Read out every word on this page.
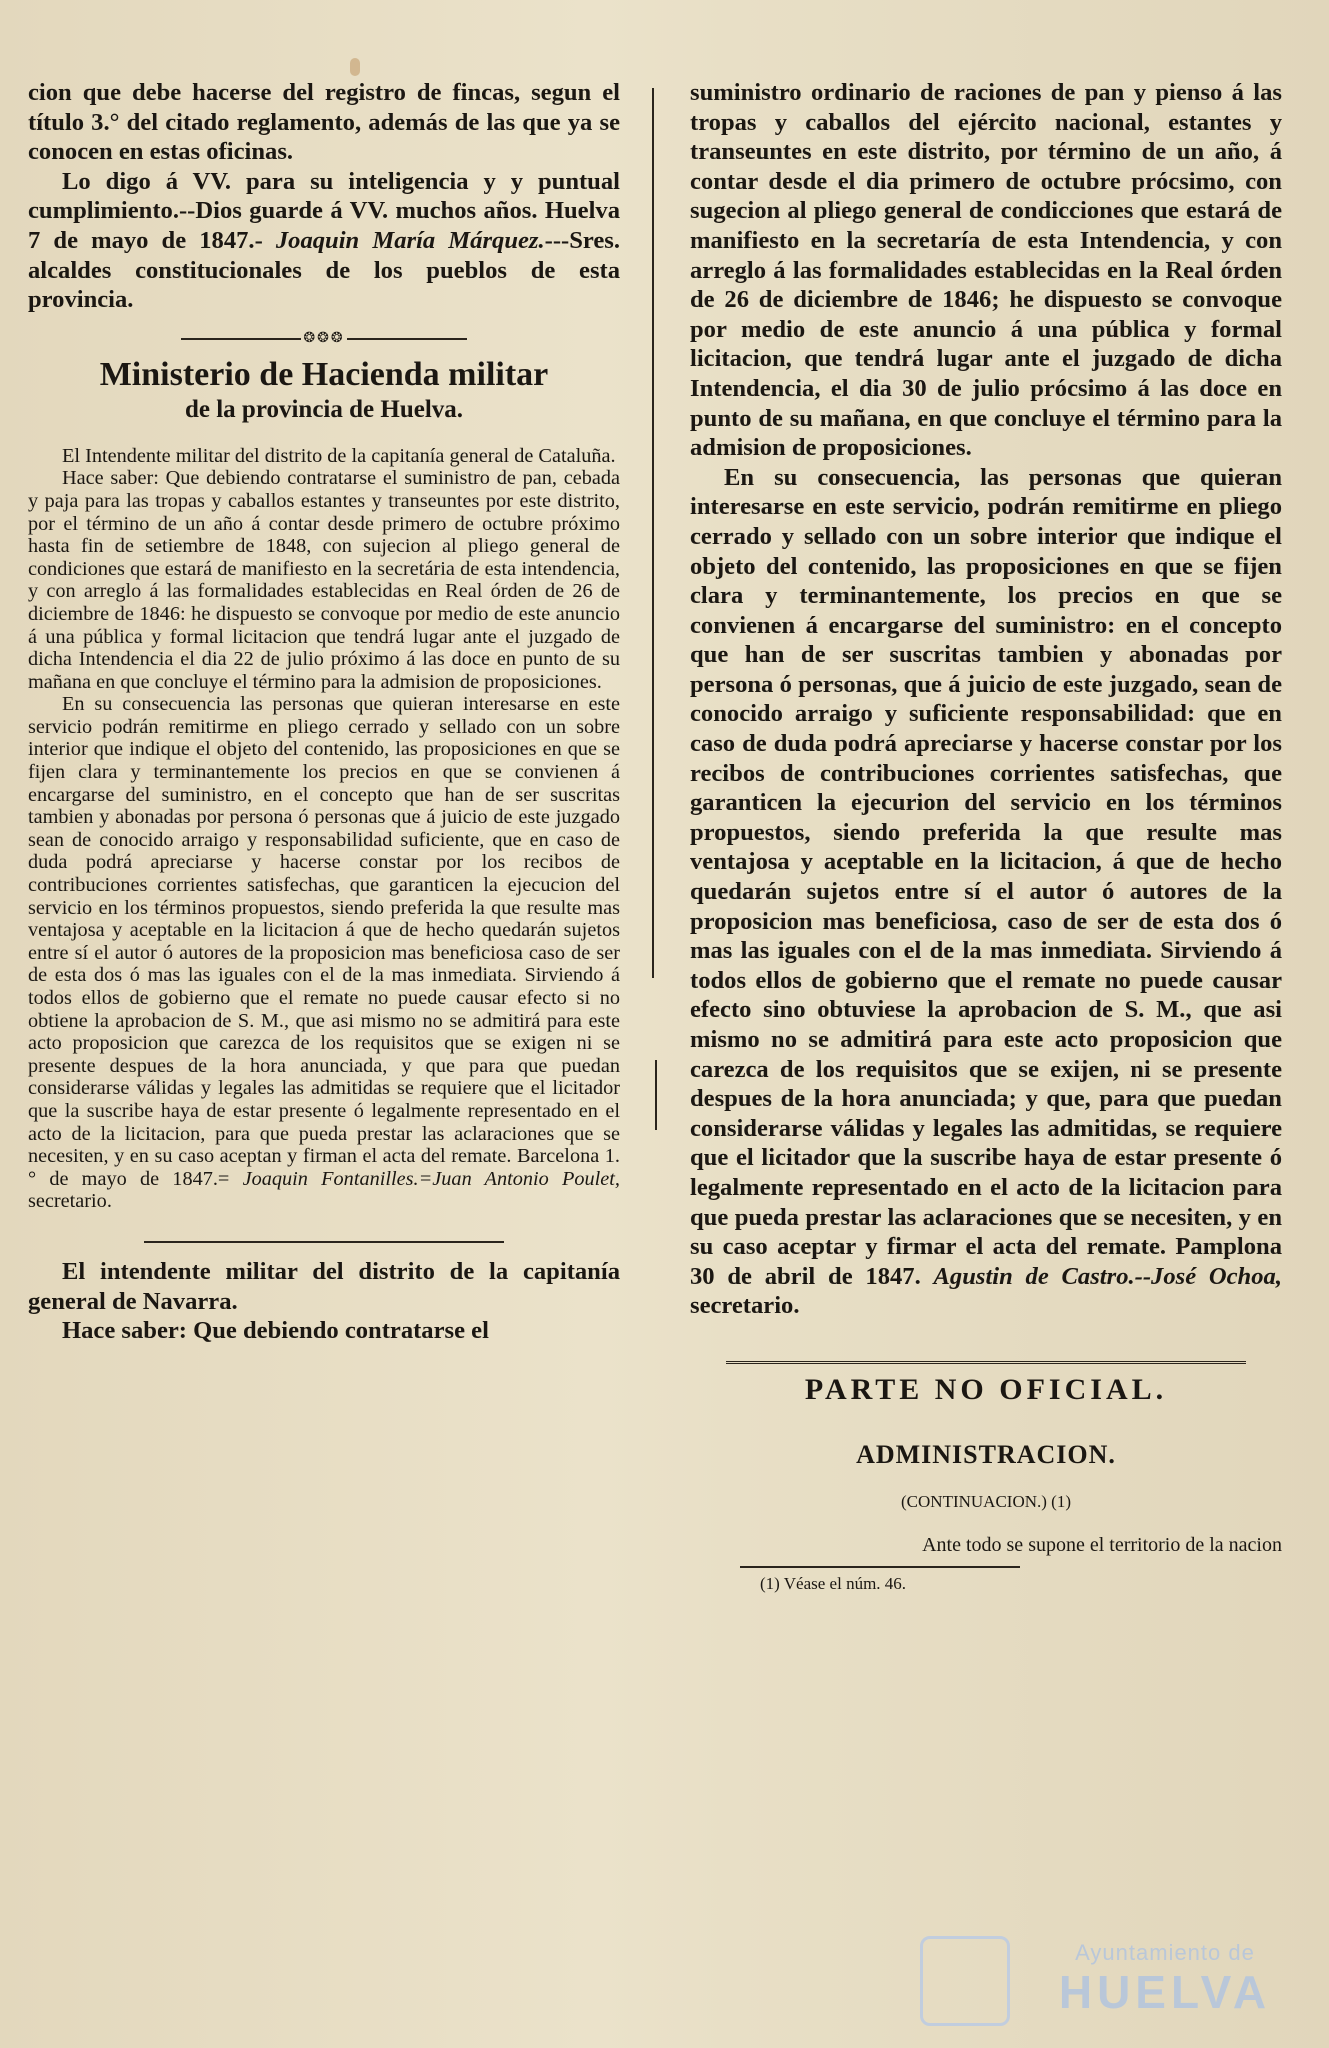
cion que debe hacerse del registro de fincas, segun el título 3.° del citado reglamento, además de las que ya se conocen en estas oficinas.

Lo digo á VV. para su inteligencia y y puntual cumplimiento.--Dios guarde á VV. muchos años. Huelva 7 de mayo de 1847.- Joaquin María Márquez.---Sres. alcaldes constitucionales de los pueblos de esta provincia.

❂❂❂
Ministerio de Hacienda militar
de la provincia de Huelva.

El Intendente militar del distrito de la capitanía general de Cataluña.

Hace saber: Que debiendo contratarse el suministro de pan, cebada y paja para las tropas y caballos estantes y transeuntes por este distrito, por el término de un año á contar desde primero de octubre próximo hasta fin de setiembre de 1848, con sujecion al pliego general de condiciones que estará de manifiesto en la secretária de esta intendencia, y con arreglo á las formalidades establecidas en Real órden de 26 de diciembre de 1846: he dispuesto se convoque por medio de este anuncio á una pública y formal licitacion que tendrá lugar ante el juzgado de dicha Intendencia el dia 22 de julio próximo á las doce en punto de su mañana en que concluye el término para la admision de proposiciones.

En su consecuencia las personas que quieran interesarse en este servicio podrán remitirme en pliego cerrado y sellado con un sobre interior que indique el objeto del contenido, las proposiciones en que se fijen clara y terminantemente los precios en que se convienen á encargarse del suministro, en el concepto que han de ser suscritas tambien y abonadas por persona ó personas que á juicio de este juzgado sean de conocido arraigo y responsabilidad suficiente, que en caso de duda podrá apreciarse y hacerse constar por los recibos de contribuciones corrientes satisfechas, que garanticen la ejecucion del servicio en los términos propuestos, siendo preferida la que resulte mas ventajosa y aceptable en la licitacion á que de hecho quedarán sujetos entre sí el autor ó autores de la proposicion mas beneficiosa caso de ser de esta dos ó mas las iguales con el de la mas inmediata. Sirviendo á todos ellos de gobierno que el remate no puede causar efecto si no obtiene la aprobacion de S. M., que asi mismo no se admitirá para este acto proposicion que carezca de los requisitos que se exigen ni se presente despues de la hora anunciada, y que para que puedan considerarse válidas y legales las admitidas se requiere que el licitador que la suscribe haya de estar presente ó legalmente representado en el acto de la licitacion, para que pueda prestar las aclaraciones que se necesiten, y en su caso aceptan y firman el acta del remate. Barcelona 1.° de mayo de 1847.= Joaquin Fontanilles.=Juan Antonio Poulet, secretario.

El intendente militar del distrito de la capitanía general de Navarra.

Hace saber: Que debiendo contratarse el

suministro ordinario de raciones de pan y pienso á las tropas y caballos del ejército nacional, estantes y transeuntes en este distrito, por término de un año, á contar desde el dia primero de octubre prócsimo, con sugecion al pliego general de condicciones que estará de manifiesto en la secretaría de esta Intendencia, y con arreglo á las formalidades establecidas en la Real órden de 26 de diciembre de 1846; he dispuesto se convoque por medio de este anuncio á una pública y formal licitacion, que tendrá lugar ante el juzgado de dicha Intendencia, el dia 30 de julio prócsimo á las doce en punto de su mañana, en que concluye el término para la admision de proposiciones.

En su consecuencia, las personas que quieran interesarse en este servicio, podrán remitirme en pliego cerrado y sellado con un sobre interior que indique el objeto del contenido, las proposiciones en que se fijen clara y terminantemente, los precios en que se convienen á encargarse del suministro: en el concepto que han de ser suscritas tambien y abonadas por persona ó personas, que á juicio de este juzgado, sean de conocido arraigo y suficiente responsabilidad: que en caso de duda podrá apreciarse y hacerse constar por los recibos de contribuciones corrientes satisfechas, que garanticen la ejecurion del servicio en los términos propuestos, siendo preferida la que resulte mas ventajosa y aceptable en la licitacion, á que de hecho quedarán sujetos entre sí el autor ó autores de la proposicion mas beneficiosa, caso de ser de esta dos ó mas las iguales con el de la mas inmediata. Sirviendo á todos ellos de gobierno que el remate no puede causar efecto sino obtuviese la aprobacion de S. M., que asi mismo no se admitirá para este acto proposicion que carezca de los requisitos que se exijen, ni se presente despues de la hora anunciada; y que, para que puedan considerarse válidas y legales las admitidas, se requiere que el licitador que la suscribe haya de estar presente ó legalmente representado en el acto de la licitacion para que pueda prestar las aclaraciones que se necesiten, y en su caso aceptar y firmar el acta del remate. Pamplona 30 de abril de 1847. Agustin de Castro.--José Ochoa, secretario.

PARTE NO OFICIAL.
ADMINISTRACION.
(CONTINUACION.) (1)

Ante todo se supone el territorio de la nacion

(1) Véase el núm. 46.
Ayuntamiento de
HUELVA
